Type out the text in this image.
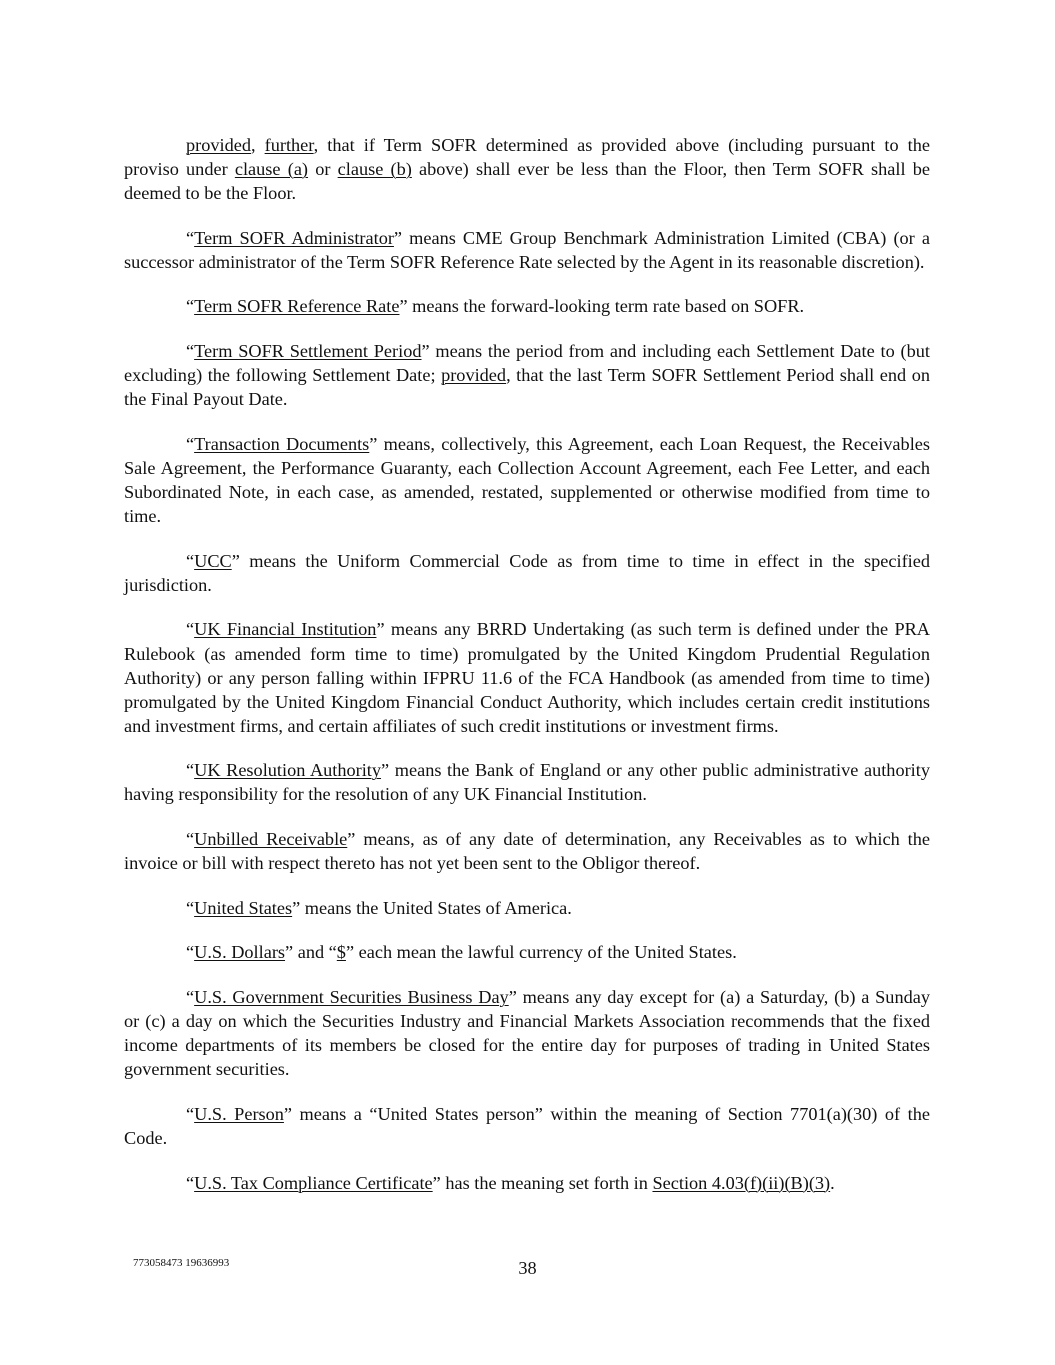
provided, further, that if Term SOFR determined as provided above (including pursuant to the proviso under clause (a) or clause (b) above) shall ever be less than the Floor, then Term SOFR shall be deemed to be the Floor.

“Term SOFR Administrator” means CME Group Benchmark Administration Limited (CBA) (or a successor administrator of the Term SOFR Reference Rate selected by the Agent in its reasonable discretion).

“Term SOFR Reference Rate” means the forward-looking term rate based on SOFR.

“Term SOFR Settlement Period” means the period from and including each Settlement Date to (but excluding) the following Settlement Date; provided, that the last Term SOFR Settlement Period shall end on the Final Payout Date.

“Transaction Documents” means, collectively, this Agreement, each Loan Request, the Receivables Sale Agreement, the Performance Guaranty, each Collection Account Agreement, each Fee Letter, and each Subordinated Note, in each case, as amended, restated, supplemented or otherwise modified from time to time.

“UCC” means the Uniform Commercial Code as from time to time in effect in the specified jurisdiction.

“UK Financial Institution” means any BRRD Undertaking (as such term is defined under the PRA Rulebook (as amended form time to time) promulgated by the United Kingdom Prudential Regulation Authority) or any person falling within IFPRU 11.6 of the FCA Handbook (as amended from time to time) promulgated by the United Kingdom Financial Conduct Authority, which includes certain credit institutions and investment firms, and certain affiliates of such credit institutions or investment firms.

“UK Resolution Authority” means the Bank of England or any other public administrative authority having responsibility for the resolution of any UK Financial Institution.

“Unbilled Receivable” means, as of any date of determination, any Receivables as to which the invoice or bill with respect thereto has not yet been sent to the Obligor thereof.

“United States” means the United States of America.

“U.S. Dollars” and “$” each mean the lawful currency of the United States.

“U.S. Government Securities Business Day” means any day except for (a) a Saturday, (b) a Sunday or (c) a day on which the Securities Industry and Financial Markets Association recommends that the fixed income departments of its members be closed for the entire day for purposes of trading in United States government securities.

“U.S. Person” means a “United States person” within the meaning of Section 7701(a)(30) of the Code.

“U.S. Tax Compliance Certificate” has the meaning set forth in Section 4.03(f)(ii)(B)(3).

773058473 19636993	38
